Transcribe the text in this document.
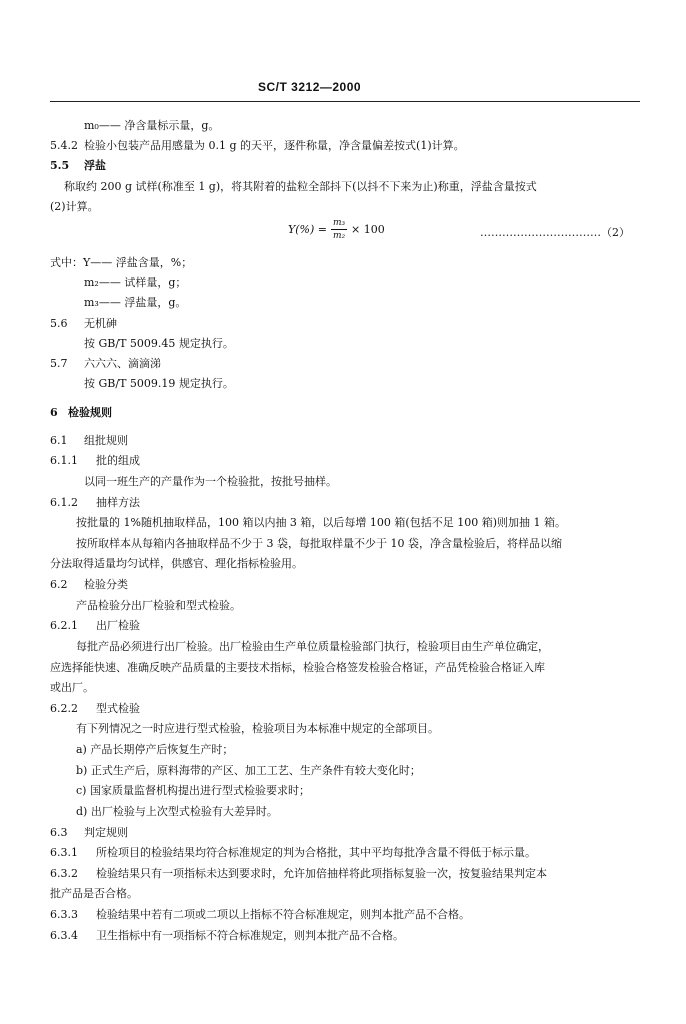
SC/T 3212—2000
m₀—— 净含量标示量，g。
5.4.2 检验小包装产品用感量为 0.1 g 的天平，逐件称量，净含量偏差按式(1)计算。
5.5 浮盐
称取约 200 g 试样(称准至 1 g)，将其附着的盐粒全部抖下(以抖不下来为止)称重，浮盐含量按式
(2)计算。
式中：Y—— 浮盐含量，%；
m₂—— 试样量，g；
m₃—— 浮盐量，g。
5.6 无机砷
按 GB/T 5009.45 规定执行。
5.7 六六六、滴滴涕
按 GB/T 5009.19 规定执行。
6 检验规则
6.1 组批规则
6.1.1 批的组成
以同一班生产的产量作为一个检验批，按批号抽样。
6.1.2 抽样方法
按批量的 1%随机抽取样品，100 箱以内抽 3 箱，以后每增 100 箱(包括不足 100 箱)则加抽 1 箱。
按所取样本从每箱内各抽取样品不少于 3 袋，每批取样量不少于 10 袋，净含量检验后，将样品以缩
分法取得适量均匀试样，供感官、理化指标检验用。
6.2 检验分类
产品检验分出厂检验和型式检验。
6.2.1 出厂检验
每批产品必须进行出厂检验。出厂检验由生产单位质量检验部门执行，检验项目由生产单位确定，
应选择能快速、准确反映产品质量的主要技术指标，检验合格签发检验合格证，产品凭检验合格证入库
或出厂。
6.2.2 型式检验
有下列情况之一时应进行型式检验，检验项目为本标准中规定的全部项目。
a) 产品长期停产后恢复生产时；
b) 正式生产后，原料海带的产区、加工工艺、生产条件有较大变化时；
c) 国家质量监督机构提出进行型式检验要求时；
d) 出厂检验与上次型式检验有大差异时。
6.3 判定规则
6.3.1 所检项目的检验结果均符合标准规定的判为合格批，其中平均每批净含量不得低于标示量。
6.3.2 检验结果只有一项指标未达到要求时，允许加倍抽样将此项指标复验一次，按复验结果判定本
批产品是否合格。
6.3.3 检验结果中若有二项或二项以上指标不符合标准规定，则判本批产品不合格。
6.3.4 卫生指标中有一项指标不符合标准规定，则判本批产品不合格。
$Y(\%) = \frac{\text{m₃}}{\text{m₂}} \times 100$	……………………………（2）
